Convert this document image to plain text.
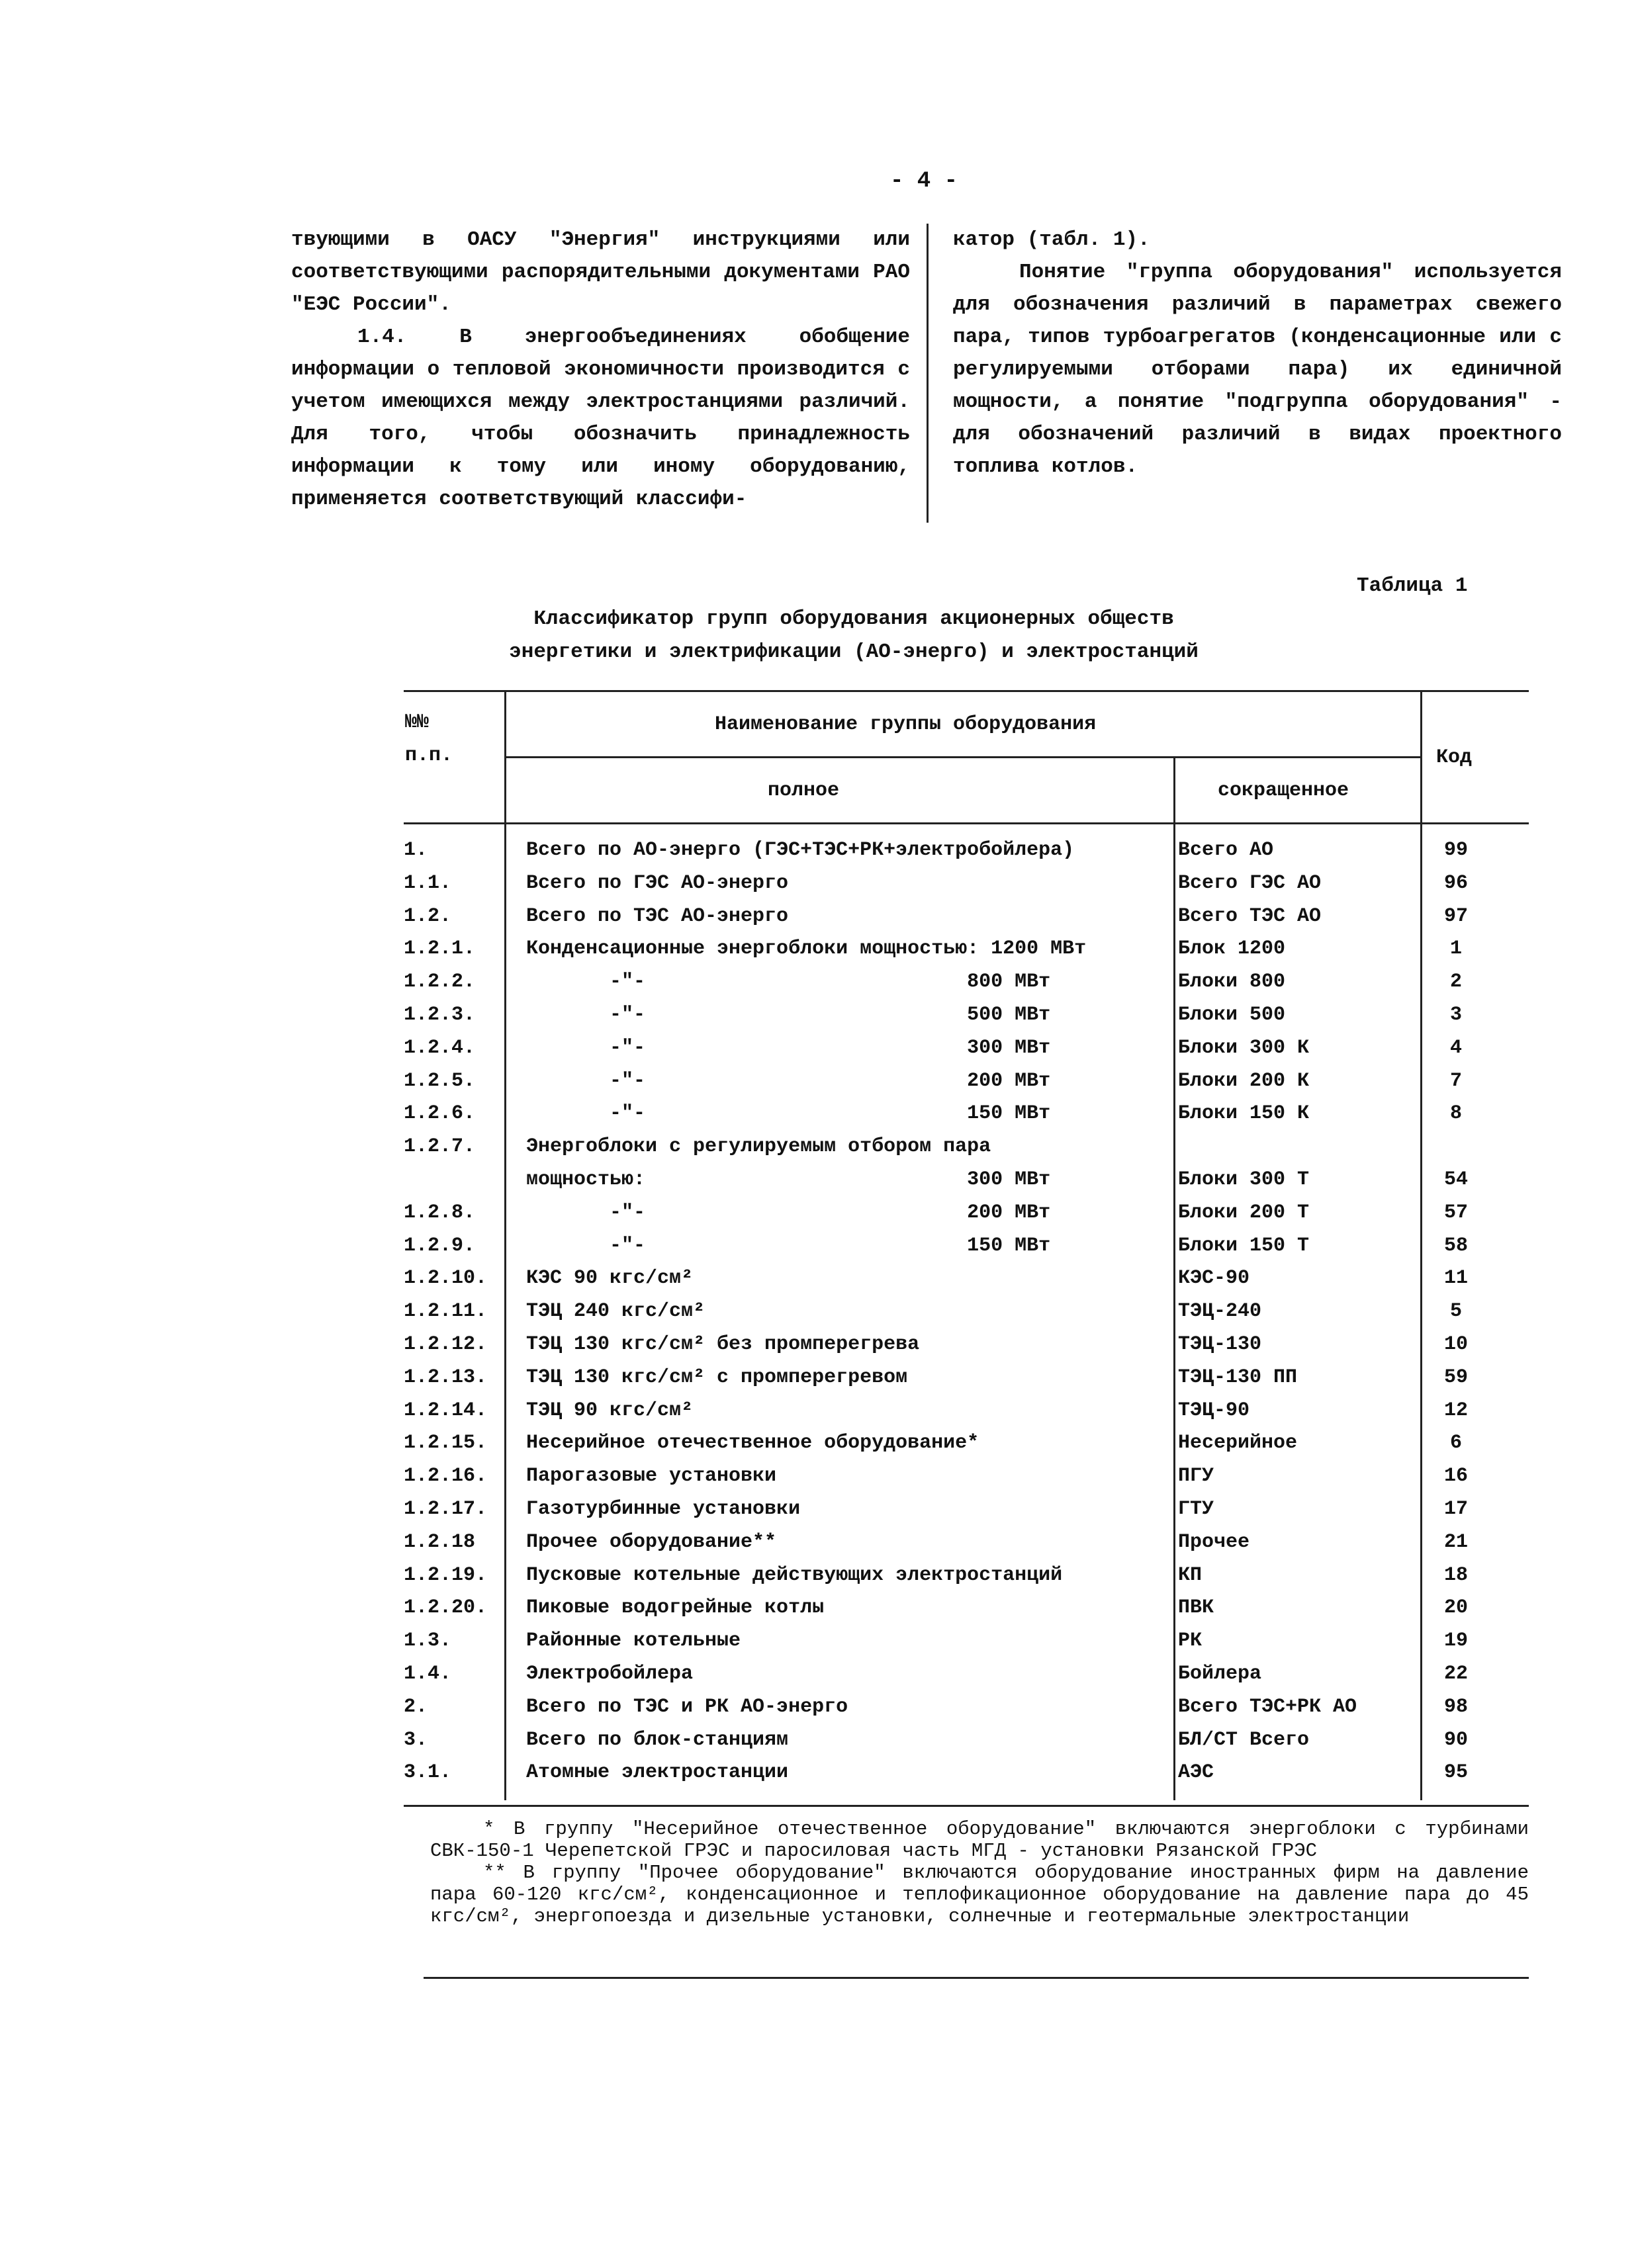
- 4 -

твующими в ОАСУ "Энергия" инструкциями или соответствующими распорядительными документами РАО "ЕЭС России".

1.4. В энергообъединениях обобщение информации о тепловой экономичности производится с учетом имеющихся между электростанциями различий. Для того, чтобы обозначить принадлежность информации к тому или иному оборудованию, применяется соответствующий классифи-

катор (табл. 1).

Понятие "группа оборудования" используется для обозначения различий в параметрах свежего пара, типов турбоагрегатов (конденсационные или с регулируемыми отборами пара) их единичной мощности, а понятие "подгруппа оборудования" - для обозначений различий в видах проектного топлива котлов.

Таблица 1
Классификатор групп оборудования акционерных обществ
энергетики и электрификации (АО-энерго) и электростанций
№№
п.п.
Наименование группы оборудования
полное	сокращенное
Код
1.	Всего по АО-энерго (ГЭС+ТЭС+РК+электробойлера)	Всего АО	99
1.1.	Всего по ГЭС АО-энерго	Всего ГЭС АО	96
1.2.	Всего по ТЭС АО-энерго	Всего ТЭС АО	97
1.2.1.	Конденсационные энергоблоки мощностью: 1200 МВт	Блок 1200	1
1.2.2.	-"-                           800 МВт	Блоки 800	2
1.2.3.	-"-                           500 МВт	Блоки 500	3
1.2.4.	-"-                           300 МВт	Блоки 300 К	4
1.2.5.	-"-                           200 МВт	Блоки 200 К	7
1.2.6.	-"-                           150 МВт	Блоки 150 К	8
1.2.7.	Энергоблоки с регулируемым отбором пара
мощностью:                           300 МВт	Блоки 300 Т	54
1.2.8.	-"-                           200 МВт	Блоки 200 Т	57
1.2.9.	-"-                           150 МВт	Блоки 150 Т	58
1.2.10. КЭС 90 кгс/см²	КЭС-90	11
1.2.11. ТЭЦ 240 кгс/см²	ТЭЦ-240	5
1.2.12. ТЭЦ 130 кгс/см² без промперегрева	ТЭЦ-130	10
1.2.13. ТЭЦ 130 кгс/см² с промперегревом	ТЭЦ-130 ПП	59
1.2.14. ТЭЦ 90 кгс/см²	ТЭЦ-90	12
1.2.15. Несерийное отечественное оборудование*	Несерийное	6
1.2.16. Парогазовые установки	ПГУ	16
1.2.17. Газотурбинные установки	ГТУ	17
1.2.18	Прочее оборудование**	Прочее	21
1.2.19. Пусковые котельные действующих электростанций	КП	18
1.2.20. Пиковые водогрейные котлы	ПВК	20
1.3.	Районные котельные	РК	19
1.4.	Электробойлера	Бойлера	22
2.	Всего по ТЭС и РК АО-энерго	Всего ТЭС+РК АО	98
3.	Всего по блок-станциям	БЛ/СТ Всего	90
3.1.	Атомные электростанции	АЭС	95

* В группу "Несерийное отечественное оборудование" включаются энергоблоки с турбинами СВК-150-1 Черепетской ГРЭС и паросиловая часть МГД - установки Рязанской ГРЭС

** В группу "Прочее оборудование" включаются оборудование иностранных фирм на давление пара 60-120 кгс/см², конденсационное и теплофикационное оборудование на давление пара до 45 кгс/см², энергопоезда и дизельные установки, солнечные и геотермальные электростанции
